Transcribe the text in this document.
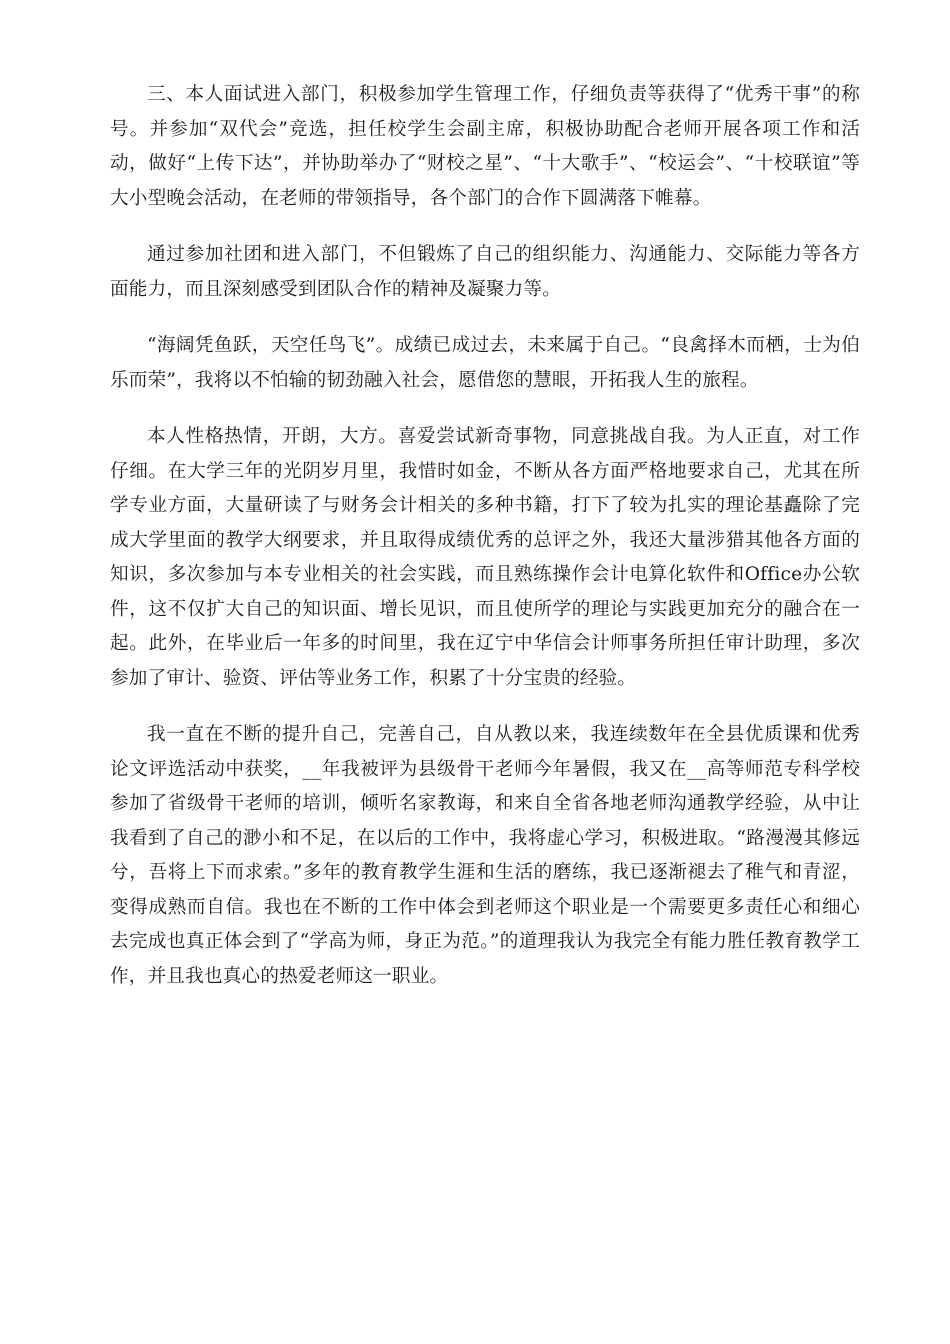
三、本人面试进入部门，积极参加学生管理工作，仔细负责等获得了“优秀干事”的称号。并参加“双代会”竞选，担任校学生会副主席，积极协助配合老师开展各项工作和活动，做好“上传下达”，并协助举办了“财校之星”、“十大歌手”、“校运会”、“十校联谊”等大小型晚会活动，在老师的带领指导，各个部门的合作下圆满落下帷幕。

通过参加社团和进入部门，不但锻炼了自己的组织能力、沟通能力、交际能力等各方面能力，而且深刻感受到团队合作的精神及凝聚力等。

“海阔凭鱼跃，天空任鸟飞”。成绩已成过去，未来属于自己。“良禽择木而栖，士为伯乐而荣”，我将以不怕输的韧劲融入社会，愿借您的慧眼，开拓我人生的旅程。

本人性格热情，开朗，大方。喜爱尝试新奇事物，同意挑战自我。为人正直，对工作仔细。在大学三年的光阴岁月里，我惜时如金，不断从各方面严格地要求自己，尤其在所学专业方面，大量研读了与财务会计相关的多种书籍，打下了较为扎实的理论基矗除了完成大学里面的教学大纲要求，并且取得成绩优秀的总评之外，我还大量涉猎其他各方面的知识，多次参加与本专业相关的社会实践，而且熟练操作会计电算化软件和Office办公软件，这不仅扩大自己的知识面、增长见识，而且使所学的理论与实践更加充分的融合在一起。此外，在毕业后一年多的时间里，我在辽宁中华信会计师事务所担任审计助理，多次参加了审计、验资、评估等业务工作，积累了十分宝贵的经验。

我一直在不断的提升自己，完善自己，自从教以来，我连续数年在全县优质课和优秀论文评选活动中获奖，__年我被评为县级骨干老师今年暑假，我又在__高等师范专科学校参加了省级骨干老师的培训，倾听名家教诲，和来自全省各地老师沟通教学经验，从中让我看到了自己的渺小和不足，在以后的工作中，我将虚心学习，积极进取。“路漫漫其修远兮，吾将上下而求索。”多年的教育教学生涯和生活的磨练，我已逐渐褪去了稚气和青涩，变得成熟而自信。我也在不断的工作中体会到老师这个职业是一个需要更多责任心和细心去完成也真正体会到了“学高为师，身正为范。”的道理我认为我完全有能力胜任教育教学工作，并且我也真心的热爱老师这一职业。
